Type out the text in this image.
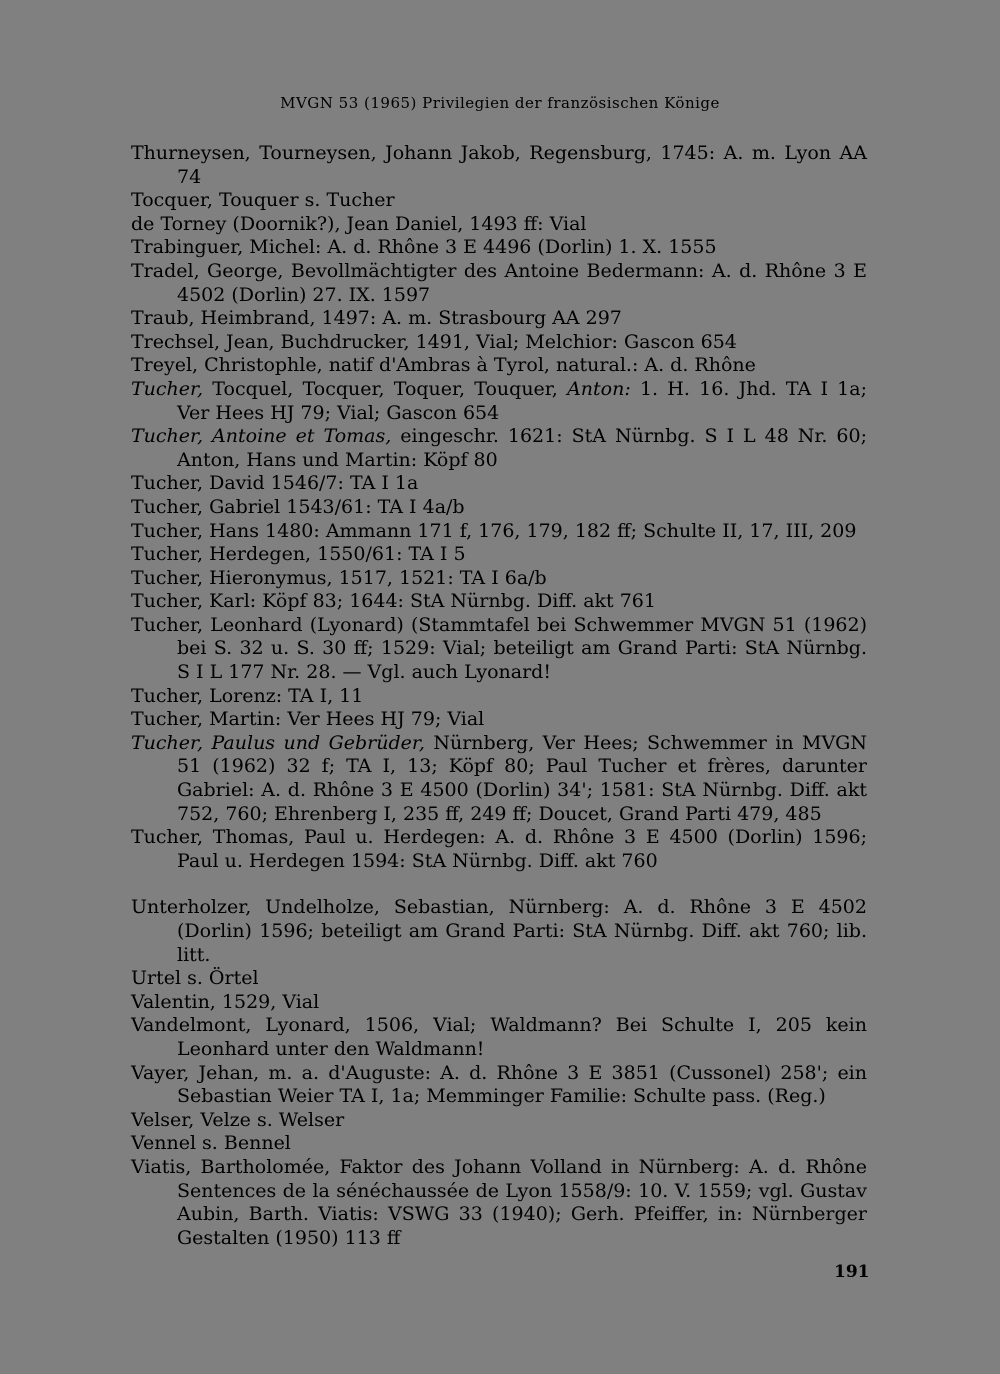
MVGN 53 (1965) Privilegien der französischen Könige

Thurneysen, Tourneysen, Johann Jakob, Regensburg, 1745: A. m. Lyon AA 74

Tocquer, Touquer s. Tucher

de Torney (Doornik?), Jean Daniel, 1493 ff: Vial

Trabinguer, Michel: A. d. Rhône 3 E 4496 (Dorlin) 1. X. 1555

Tradel, George, Bevollmächtigter des Antoine Bedermann: A. d. Rhône 3 E 4502 (Dorlin) 27. IX. 1597

Traub, Heimbrand, 1497: A. m. Strasbourg AA 297

Trechsel, Jean, Buchdrucker, 1491, Vial; Melchior: Gascon 654

Treyel, Christophle, natif d'Ambras à Tyrol, natural.: A. d. Rhône

Tucher, Tocquel, Tocquer, Toquer, Touquer, Anton: 1. H. 16. Jhd. TA I 1a; Ver Hees HJ 79; Vial; Gascon 654

Tucher, Antoine et Tomas, eingeschr. 1621: StA Nürnbg. S I L 48 Nr. 60; Anton, Hans und Martin: Köpf 80

Tucher, David 1546/7: TA I 1a

Tucher, Gabriel 1543/61: TA I 4a/b

Tucher, Hans 1480: Ammann 171 f, 176, 179, 182 ff; Schulte II, 17, III, 209

Tucher, Herdegen, 1550/61: TA I 5

Tucher, Hieronymus, 1517, 1521: TA I 6a/b

Tucher, Karl: Köpf 83; 1644: StA Nürnbg. Diff. akt 761

Tucher, Leonhard (Lyonard) (Stammtafel bei Schwemmer MVGN 51 (1962) bei S. 32 u. S. 30 ff; 1529: Vial; beteiligt am Grand Parti: StA Nürnbg. S I L 177 Nr. 28. — Vgl. auch Lyonard!

Tucher, Lorenz: TA I, 11

Tucher, Martin: Ver Hees HJ 79; Vial

Tucher, Paulus und Gebrüder, Nürnberg, Ver Hees; Schwemmer in MVGN 51 (1962) 32 f; TA I, 13; Köpf 80; Paul Tucher et frères, darunter Gabriel: A. d. Rhône 3 E 4500 (Dorlin) 34'; 1581: StA Nürnbg. Diff. akt 752, 760; Ehrenberg I, 235 ff, 249 ff; Doucet, Grand Parti 479, 485

Tucher, Thomas, Paul u. Herdegen: A. d. Rhône 3 E 4500 (Dorlin) 1596; Paul u. Herdegen 1594: StA Nürnbg. Diff. akt 760

Unterholzer, Undelholze, Sebastian, Nürnberg: A. d. Rhône 3 E 4502 (Dorlin) 1596; beteiligt am Grand Parti: StA Nürnbg. Diff. akt 760; lib. litt.

Urtel s. Örtel

Valentin, 1529, Vial

Vandelmont, Lyonard, 1506, Vial; Waldmann? Bei Schulte I, 205 kein Leonhard unter den Waldmann!

Vayer, Jehan, m. a. d'Auguste: A. d. Rhône 3 E 3851 (Cussonel) 258'; ein Sebastian Weier TA I, 1a; Memminger Familie: Schulte pass. (Reg.)

Velser, Velze s. Welser

Vennel s. Bennel

Viatis, Bartholomée, Faktor des Johann Volland in Nürnberg: A. d. Rhône Sentences de la sénéchaussée de Lyon 1558/9: 10. V. 1559; vgl. Gustav Aubin, Barth. Viatis: VSWG 33 (1940); Gerh. Pfeiffer, in: Nürnberger Gestalten (1950) 113 ff

191
